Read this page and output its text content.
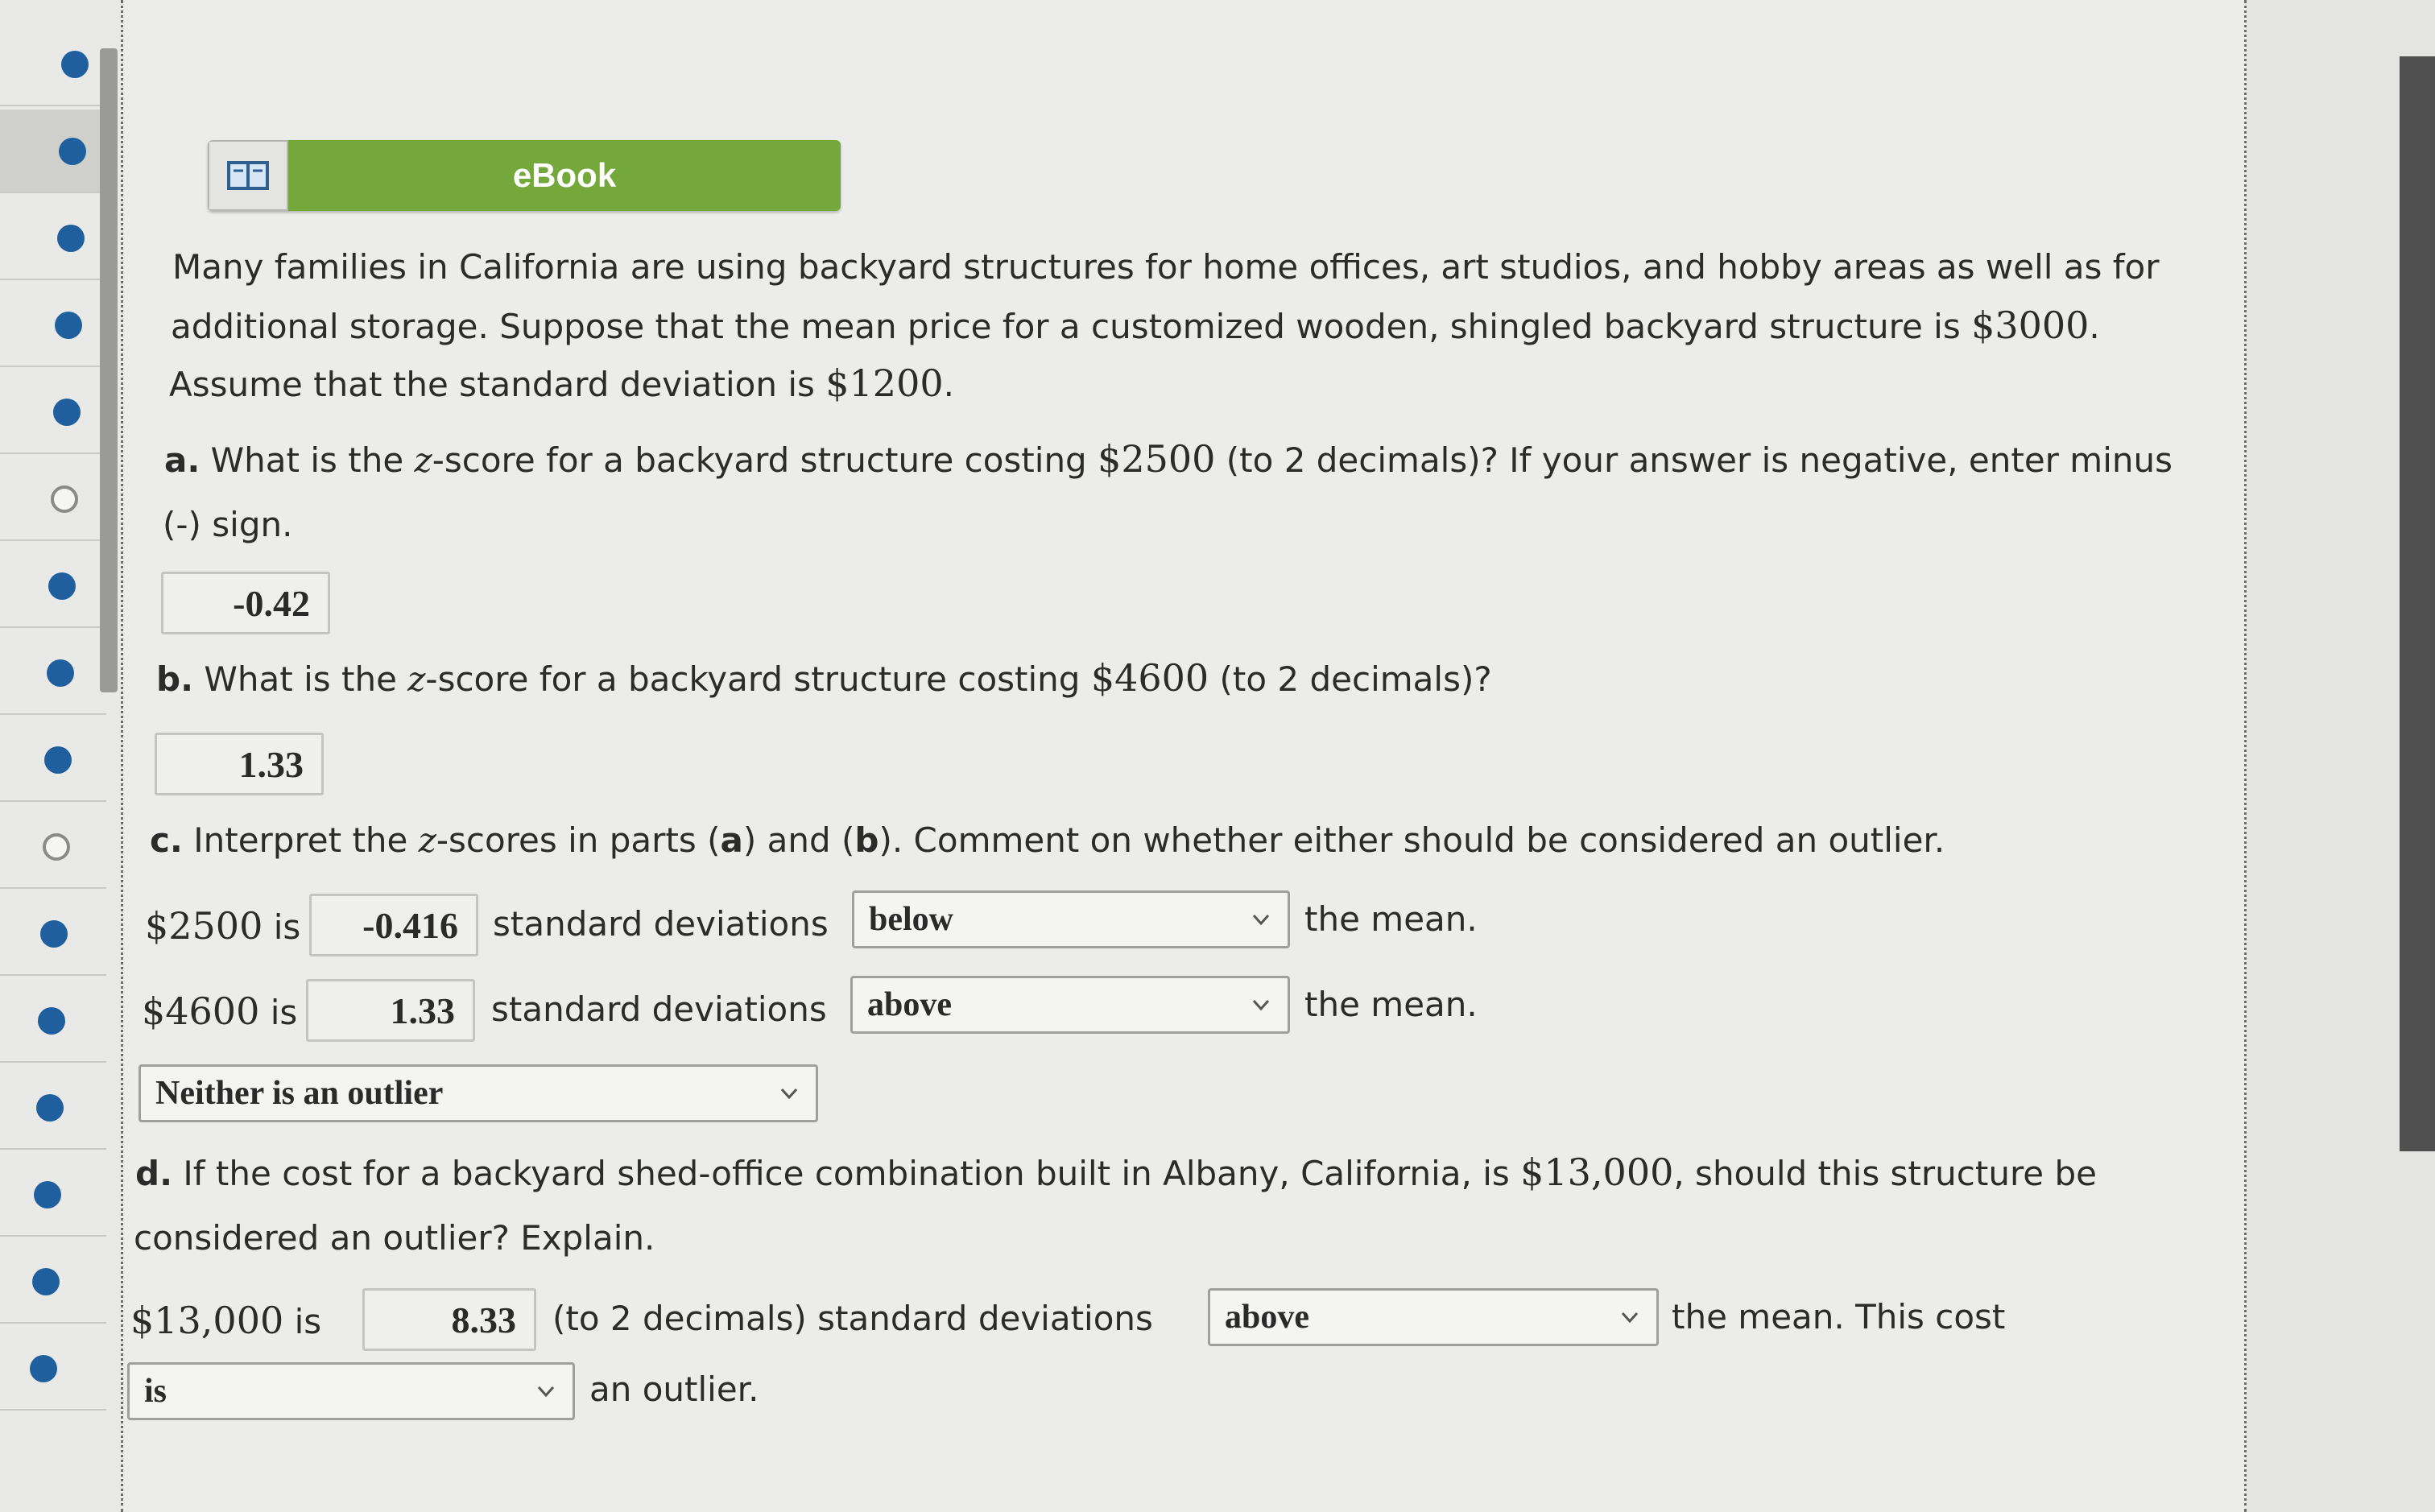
eBook
Many families in California are using backyard structures for home offices, art studios, and hobby areas as well as for
additional storage. Suppose that the mean price for a customized wooden, shingled backyard structure is $3000.
Assume that the standard deviation is $1200.
a. What is the z-score for a backyard structure costing $2500 (to 2 decimals)? If your answer is negative, enter minus
(-) sign.
-0.42
b. What is the z-score for a backyard structure costing $4600 (to 2 decimals)?
1.33
c. Interpret the z-scores in parts (a) and (b). Comment on whether either should be considered an outlier.
$2500 is	-0.416	standard deviations below	the mean.
$4600 is	1.33	standard deviations above	the mean.
Neither is an outlier
d. If the cost for a backyard shed-office combination built in Albany, California, is $13,000, should this structure be
considered an outlier? Explain.
$13,000 is	8.33	(to 2 decimals) standard deviations above	the mean. This cost
is	an outlier.
